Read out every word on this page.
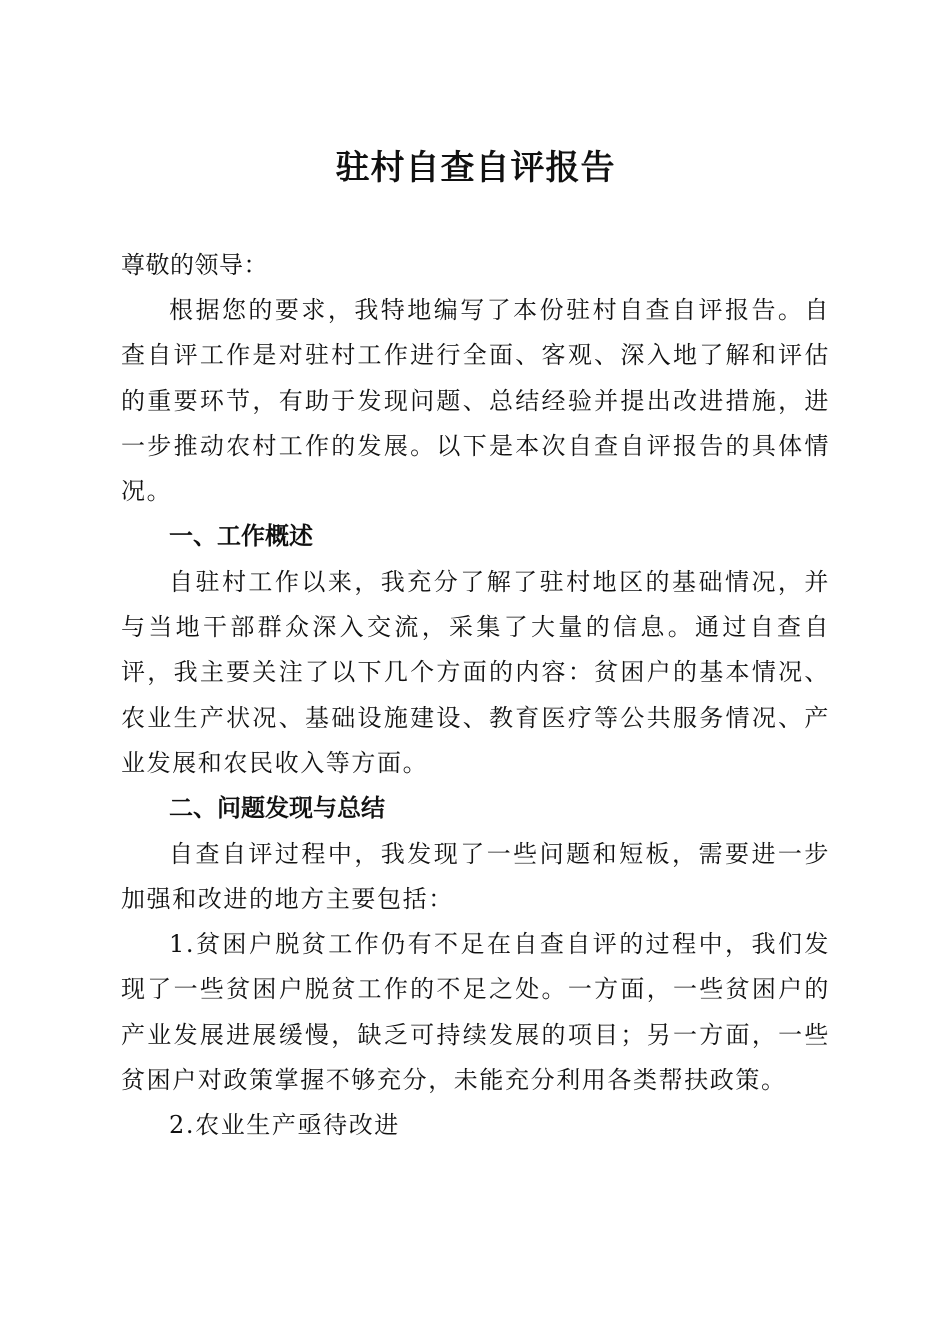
驻村自查自评报告

尊敬的领导：

根据您的要求，我特地编写了本份驻村自查自评报告。自查自评工作是对驻村工作进行全面、客观、深入地了解和评估的重要环节，有助于发现问题、总结经验并提出改进措施，进一步推动农村工作的发展。以下是本次自查自评报告的具体情况。

一、工作概述

自驻村工作以来，我充分了解了驻村地区的基础情况，并与当地干部群众深入交流，采集了大量的信息。通过自查自评，我主要关注了以下几个方面的内容：贫困户的基本情况、农业生产状况、基础设施建设、教育医疗等公共服务情况、产业发展和农民收入等方面。

二、问题发现与总结

自查自评过程中，我发现了一些问题和短板，需要进一步加强和改进的地方主要包括：

1.贫困户脱贫工作仍有不足在自查自评的过程中，我们发现了一些贫困户脱贫工作的不足之处。一方面，一些贫困户的产业发展进展缓慢，缺乏可持续发展的项目；另一方面，一些贫困户对政策掌握不够充分，未能充分利用各类帮扶政策。

2.农业生产亟待改进
